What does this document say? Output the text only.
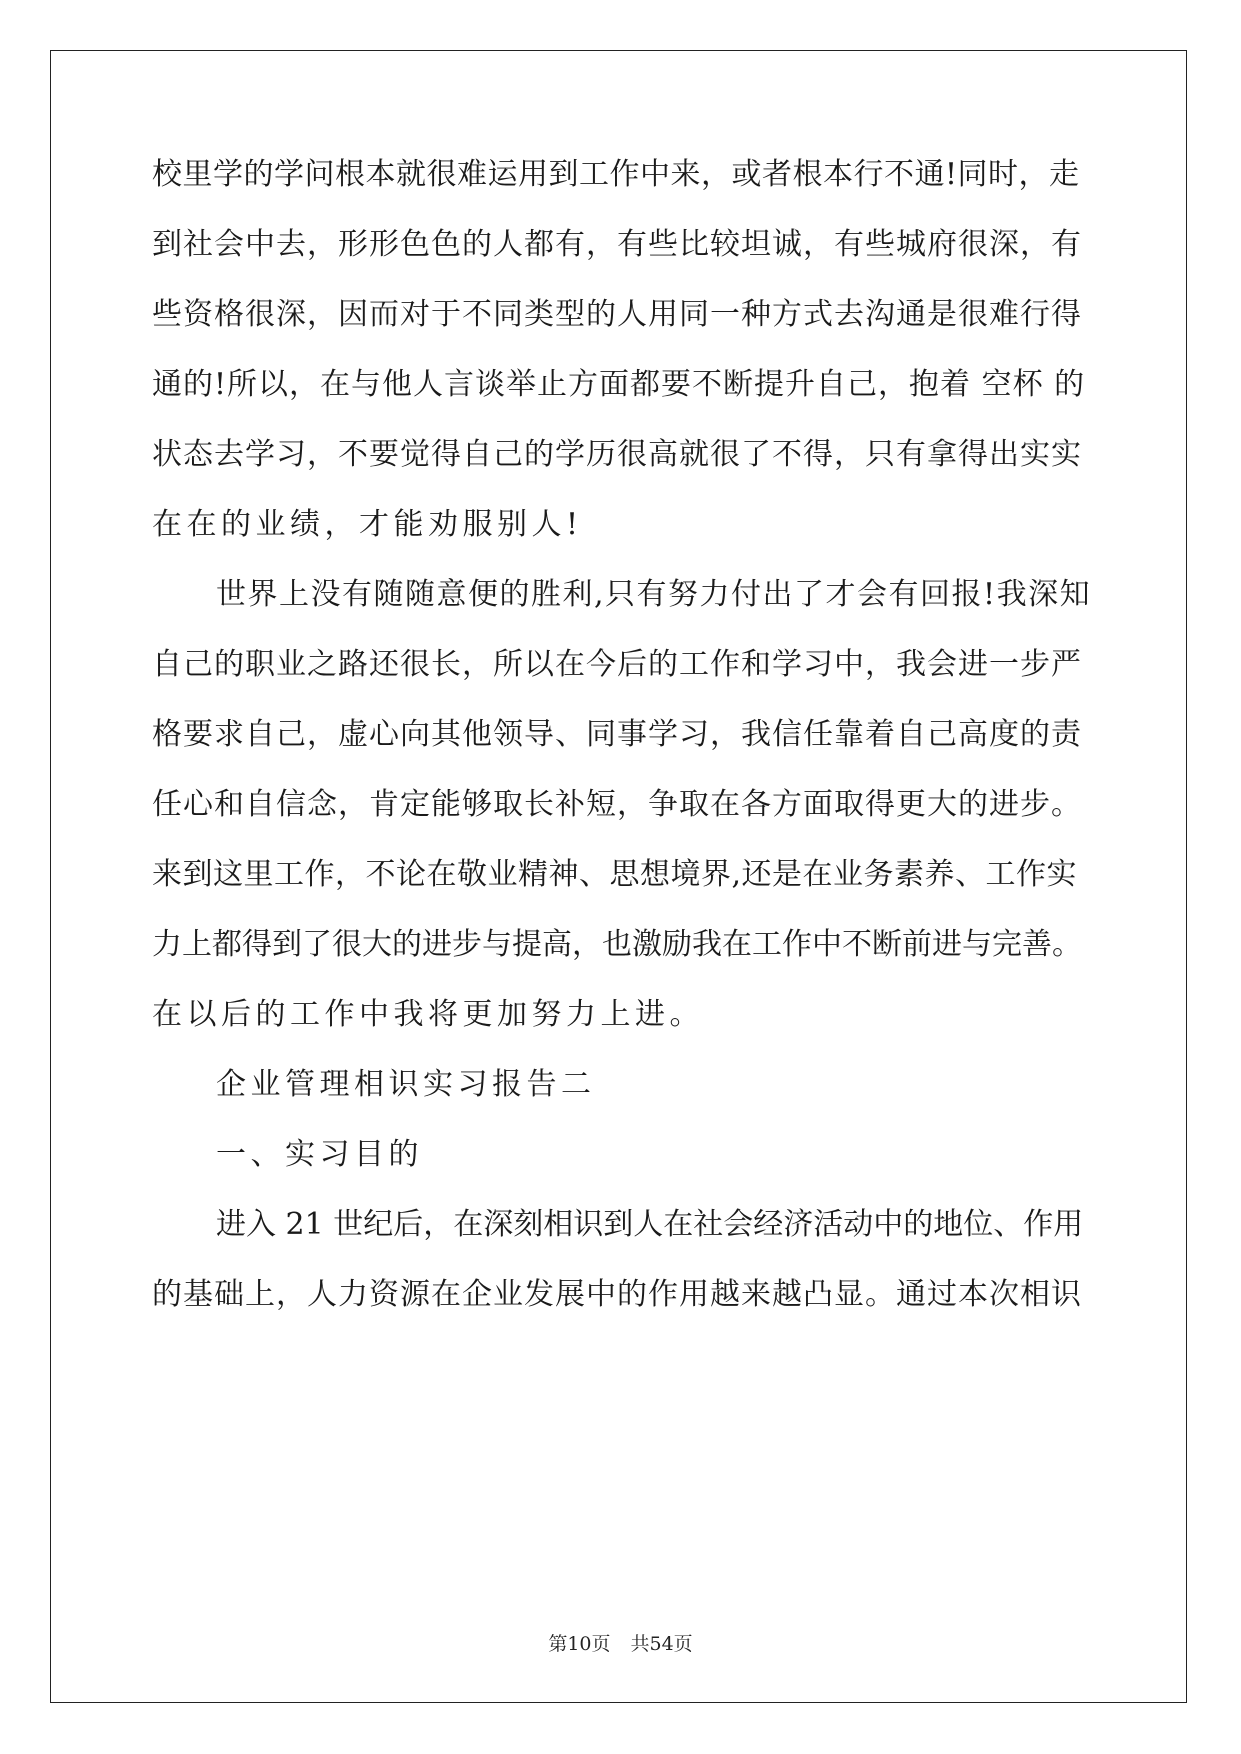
校里学的学问根本就很难运用到工作中来，或者根本行不通!同时，走
到社会中去，形形色色的人都有，有些比较坦诚，有些城府很深，有
些资格很深，因而对于不同类型的人用同一种方式去沟通是很难行得
通的!所以，在与他人言谈举止方面都要不断提升自己，抱着 空杯 的
状态去学习，不要觉得自己的学历很高就很了不得，只有拿得出实实
在在的业绩，才能劝服别人!
世界上没有随随意便的胜利,只有努力付出了才会有回报!我深知
自己的职业之路还很长，所以在今后的工作和学习中，我会进一步严
格要求自己，虚心向其他领导、同事学习，我信任靠着自己高度的责
任心和自信念，肯定能够取长补短，争取在各方面取得更大的进步。
来到这里工作，不论在敬业精神、思想境界,还是在业务素养、工作实
力上都得到了很大的进步与提高，也激励我在工作中不断前进与完善。
在以后的工作中我将更加努力上进。
企业管理相识实习报告二
一、实习目的
进入 21 世纪后，在深刻相识到人在社会经济活动中的地位、作用
的基础上，人力资源在企业发展中的作用越来越凸显。通过本次相识
第10页 共54页
